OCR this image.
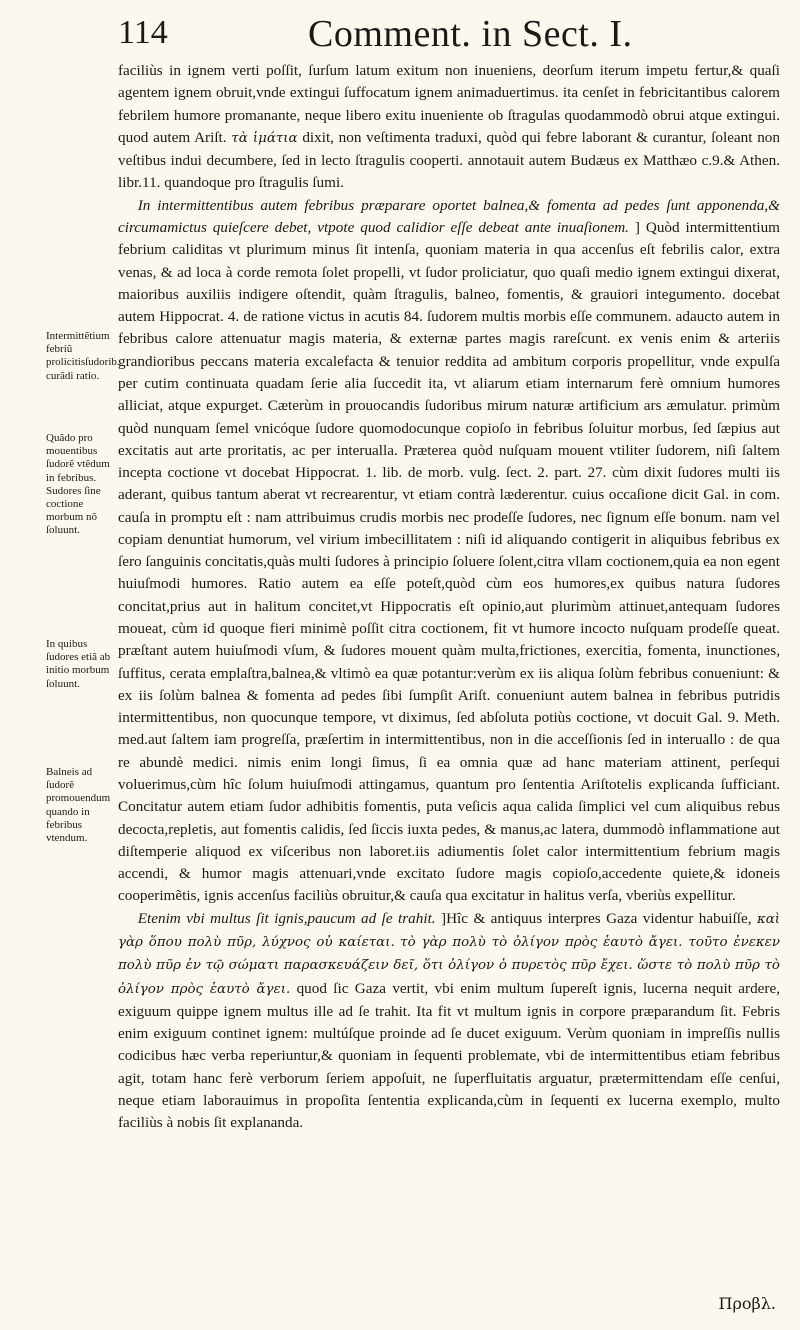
114	Comment. in Sect. I.
Intermittẽtium febriũ prolicitisſudorib. curãdi ratio.
Quãdo pro mouentibus ſudorẽ vtẽdum in febribus. Sudores ſine coctione morbum nõ ſoluunt.
In quibus ſudores etiã ab initio morbum ſoluunt.
Balneis ad ſudorẽ promouendum quando in febribus vtendum.

faciliùs in ignem verti poſſit, ſurſum latum exitum non inueniens, deorſum iterum impetu fertur,& quaſi agentem ignem obruit,vnde extingui ſuffocatum ignem animaduertimus. ita cenſet in febricitantibus calorem febrilem humore promanante, neque libero exitu inueniente ob ſtragulas quodammodò obrui atque extingui. quod autem Ariſt. τὰ ἱμάτια dixit, non veſtimenta traduxi, quòd qui febre laborant & curantur, ſoleant non veſtibus indui decumbere, ſed in lecto ſtragulis cooperti. annotauit autem Budæus ex Matthæo c.9.& Athen. libr.11. quandoque pro ſtragulis ſumi.

In intermittentibus autem febribus præparare oportet balnea,& fomenta ad pedes ſunt apponenda,& circumamictus quieſcere debet, vtpote quod calidior eſſe debeat ante inuaſionem. ] Quòd intermittentium febrium caliditas vt plurimum minus ſit intenſa, quoniam materia in qua accenſus eſt febrilis calor, extra venas, & ad loca à corde remota ſolet propelli, vt ſudor proliciatur, quo quaſi medio ignem extingui dixerat, maioribus auxiliis indigere oſtendit, quàm ſtragulis, balneo, fomentis, & grauiori integumento. docebat autem Hippocrat. 4. de ratione victus in acutis 84. ſudorem multis morbis eſſe communem. adaucto autem in febribus calore attenuatur magis materia, & externæ partes magis rareſcunt. ex venis enim & arteriis grandioribus peccans materia excalefacta & tenuior reddita ad ambitum corporis propellitur, vnde expulſa per cutim continuata quadam ſerie alia ſuccedit ita, vt aliarum etiam internarum ferè omnium humores alliciat, atque expurget. Cæterùm in prouocandis ſudoribus mirum naturæ artificium ars æmulatur. primùm quòd nunquam ſemel vnicóque ſudore quomodocunque copioſo in febribus ſoluitur morbus, ſed ſæpius aut excitatis aut arte proritatis, ac per interualla. Præterea quòd nuſquam mouent vtiliter ſudorem, niſi ſaltem incepta coctione vt docebat Hippocrat. 1. lib. de morb. vulg. ſect. 2. part. 27. cùm dixit ſudores multi iis aderant, quibus tantum aberat vt recrearentur, vt etiam contrà læderentur. cuius occaſione dicit Gal. in com. cauſa in promptu eſt : nam attribuimus crudis morbis nec prodeſſe ſudores, nec ſignum eſſe bonum. nam vel copiam denuntiat humorum, vel virium imbecillitatem : niſi id aliquando contigerit in aliquibus febribus ex ſero ſanguinis concitatis,quàs multi ſudores à principio ſoluere ſolent,citra vllam coctionem,quia ea non egent huiuſmodi humores. Ratio autem ea eſſe poteſt,quòd cùm eos humores,ex quibus natura ſudores concitat,prius aut in halitum concitet,vt Hippocratis eſt opinio,aut plurimùm attinuet,antequam ſudores moueat, cùm id quoque fieri minimè poſſit citra coctionem, fit vt humore incocto nuſquam prodeſſe queat. præſtant autem huiuſmodi vſum, & ſudores mouent quàm multa,frictiones, exercitia, fomenta, inunctiones, ſuffitus, cerata emplaſtra,balnea,& vltimò ea quæ potantur:verùm ex iis aliqua ſolùm febribus conueniunt: & ex iis ſolùm balnea & fomenta ad pedes ſibi ſumpſit Ariſt. conueniunt autem balnea in febribus putridis intermittentibus, non quocunque tempore, vt diximus, ſed abſoluta potiùs coctione, vt docuit Gal. 9. Meth. med.aut ſaltem iam progreſſa, præſertim in intermittentibus, non in die acceſſionis ſed in interuallo : de qua re abundè medici. nimis enim longi ſimus, ſi ea omnia quæ ad hanc materiam attinent, perſequi voluerimus,cùm hîc ſolum huiuſmodi attingamus, quantum pro ſententia Ariſtotelis explicanda ſufficiant. Concitatur autem etiam ſudor adhibitis fomentis, puta veſicis aqua calida ſimplici vel cum aliquibus rebus decocta,repletis, aut fomentis calidis, ſed ſiccis iuxta pedes, & manus,ac latera, dummodò inflammatione aut diſtemperie aliquod ex viſceribus non laboret.iis adiumentis ſolet calor intermittentium febrium magis accendi, & humor magis attenuari,vnde excitato ſudore magis copioſo,accedente quiete,& idoneis cooperimẽtis, ignis accenſus faciliùs obruitur,& cauſa qua excitatur in halitus verſa, vberiùs expellitur.

Etenim vbi multus ſit ignis,paucum ad ſe trahit. ]Hîc & antiquus interpres Gaza videntur habuiſſe, καὶ γὰρ ὅπου πολὺ πῦρ, λύχνος οὐ καίεται. τὸ γὰρ πολὺ τὸ ὀλίγον πρὸς ἑαυτὸ ἄγει. τοῦτο ἐνεκεν πολὺ πῦρ ἐν τῷ σώματι παρασκευάζειν δεῖ, ὅτι ὀλίγον ὁ πυρετὸς πῦρ ἔχει. ὥστε τὸ πολὺ πῦρ τὸ ὀλίγον πρὸς ἑαυτὸ ἄγει. quod ſic Gaza vertit, vbi enim multum ſupereſt ignis, lucerna nequit ardere, exiguum quippe ignem multus ille ad ſe trahit. Ita fit vt multum ignis in corpore præparandum ſit. Febris enim exiguum continet ignem: multúſque proinde ad ſe ducet exiguum. Verùm quoniam in impreſſis nullis codicibus hæc verba reperiuntur,& quoniam in ſequenti problemate, vbi de intermittentibus etiam febribus agit, totam hanc ferè verborum ſeriem appoſuit, ne ſuperfluitatis arguatur, prætermittendam eſſe cenſui, neque etiam laborauimus in propoſita ſententia explicanda,cùm in ſequenti ex lucerna exemplo, multo faciliùs à nobis ſit explananda.

Προβλ.
